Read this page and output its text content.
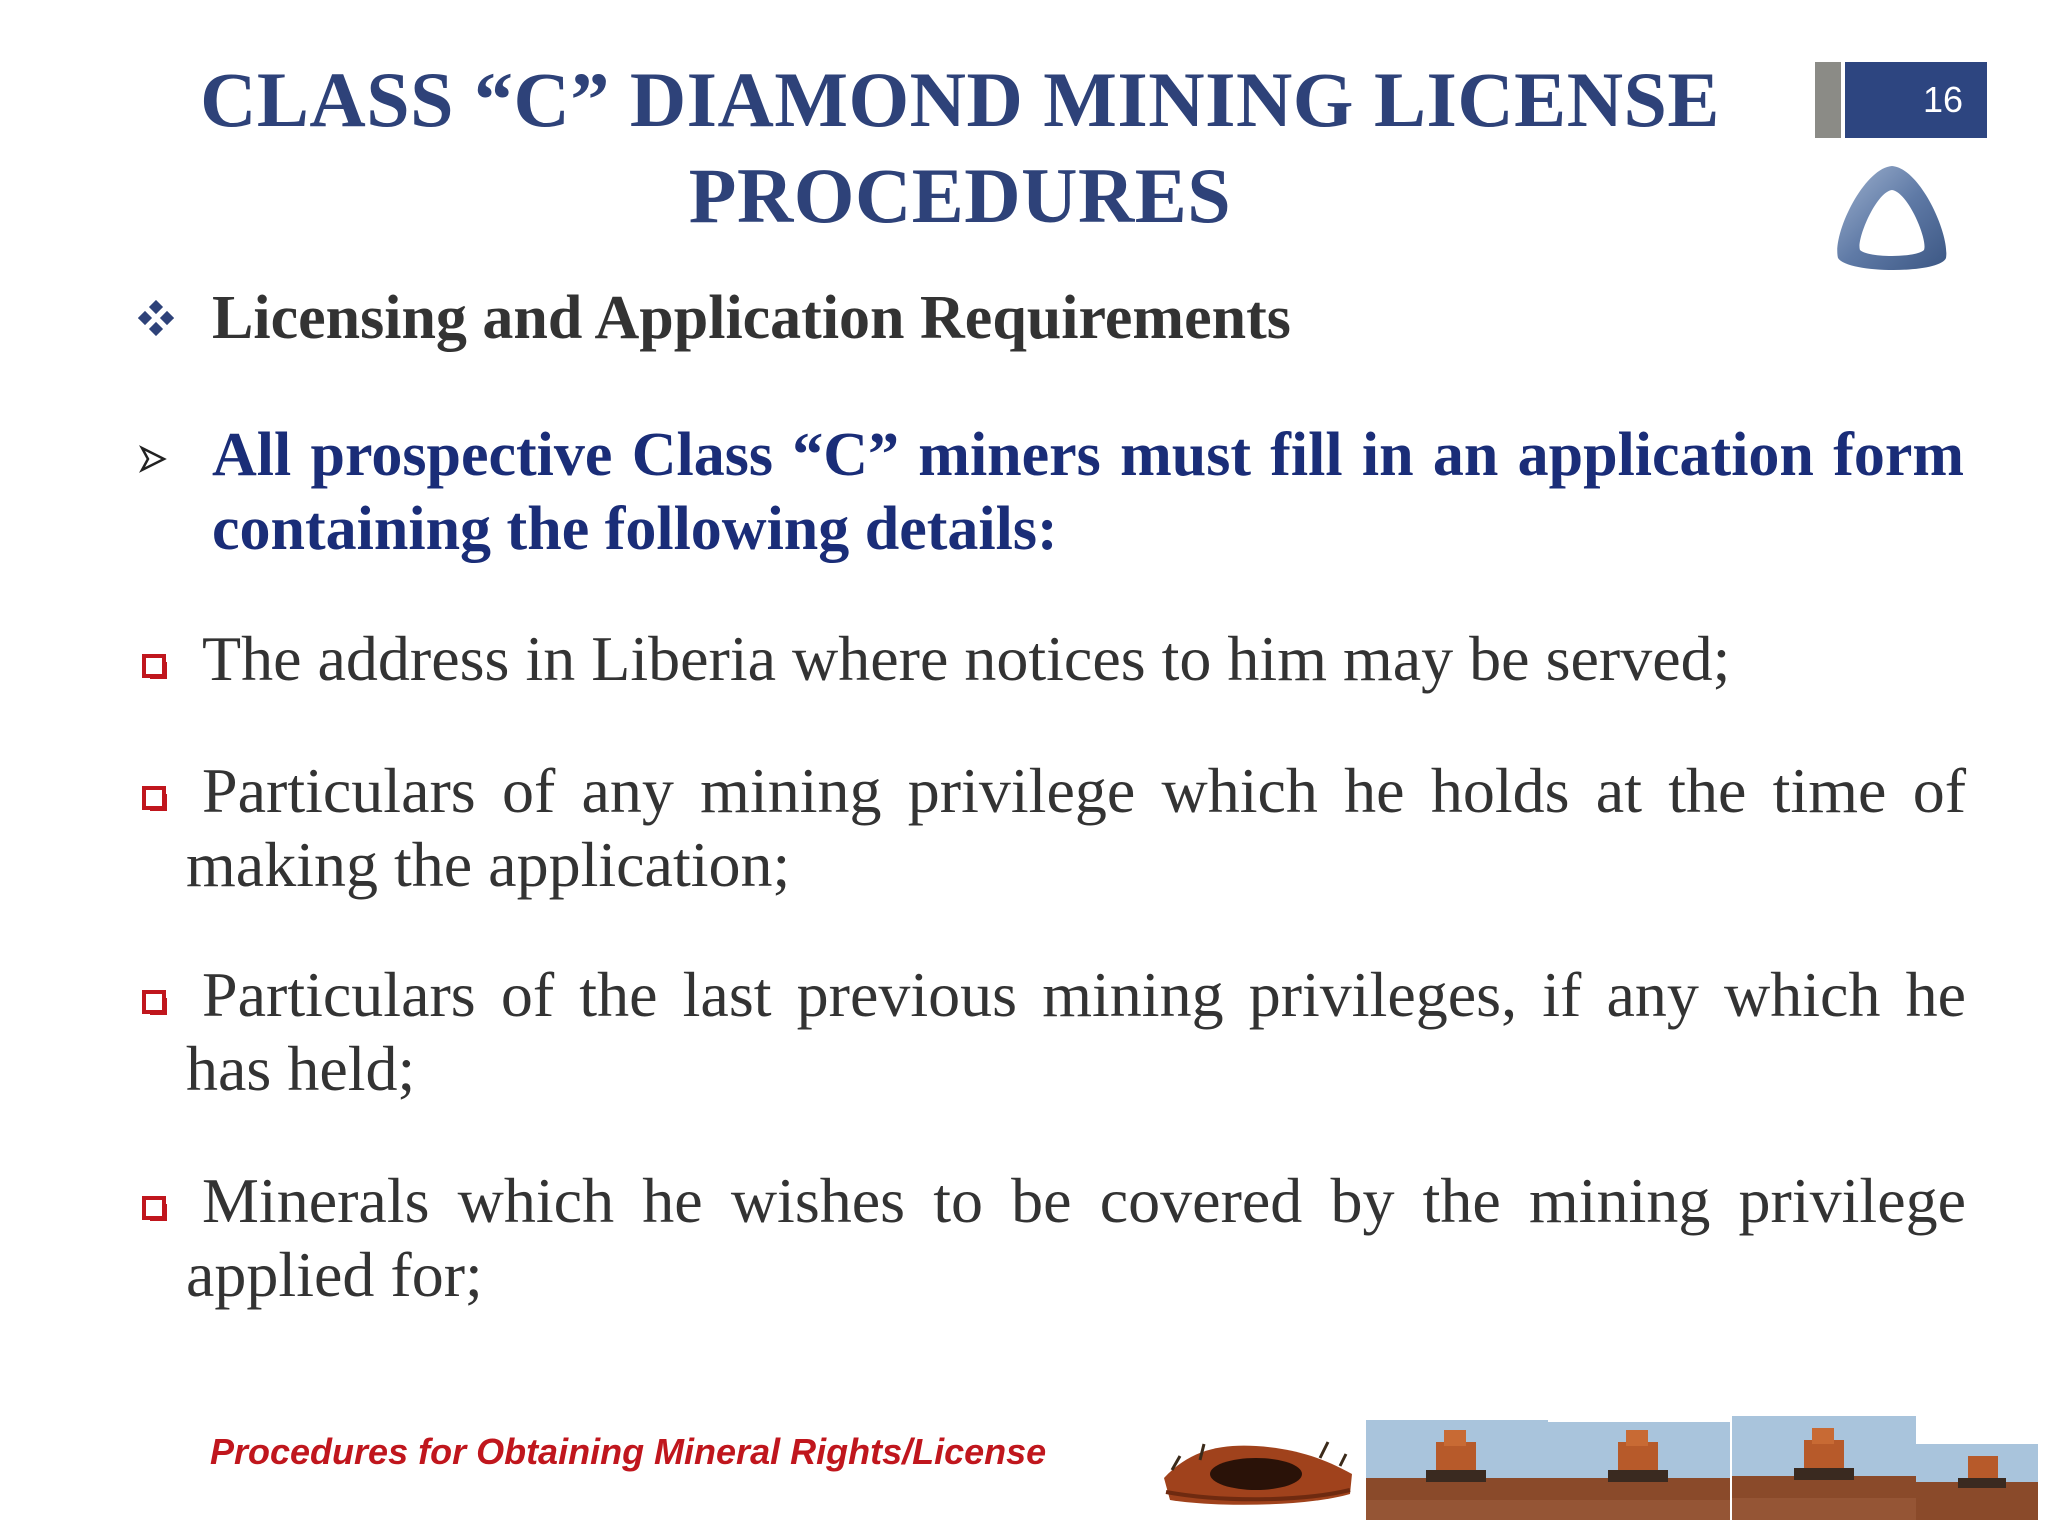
CLASS “C” DIAMOND MINING LICENSE PROCEDURES
16
Licensing and Application Requirements
All prospective Class “C” miners must fill in an application form containing the following details:
The address in Liberia where notices to him may be served;
Particulars of any mining privilege which he holds at the time of making the application;
Particulars of the last previous mining privileges, if any which he has held;
Minerals which he wishes to be covered by the mining privilege applied for;
Procedures for Obtaining Mineral Rights/License
